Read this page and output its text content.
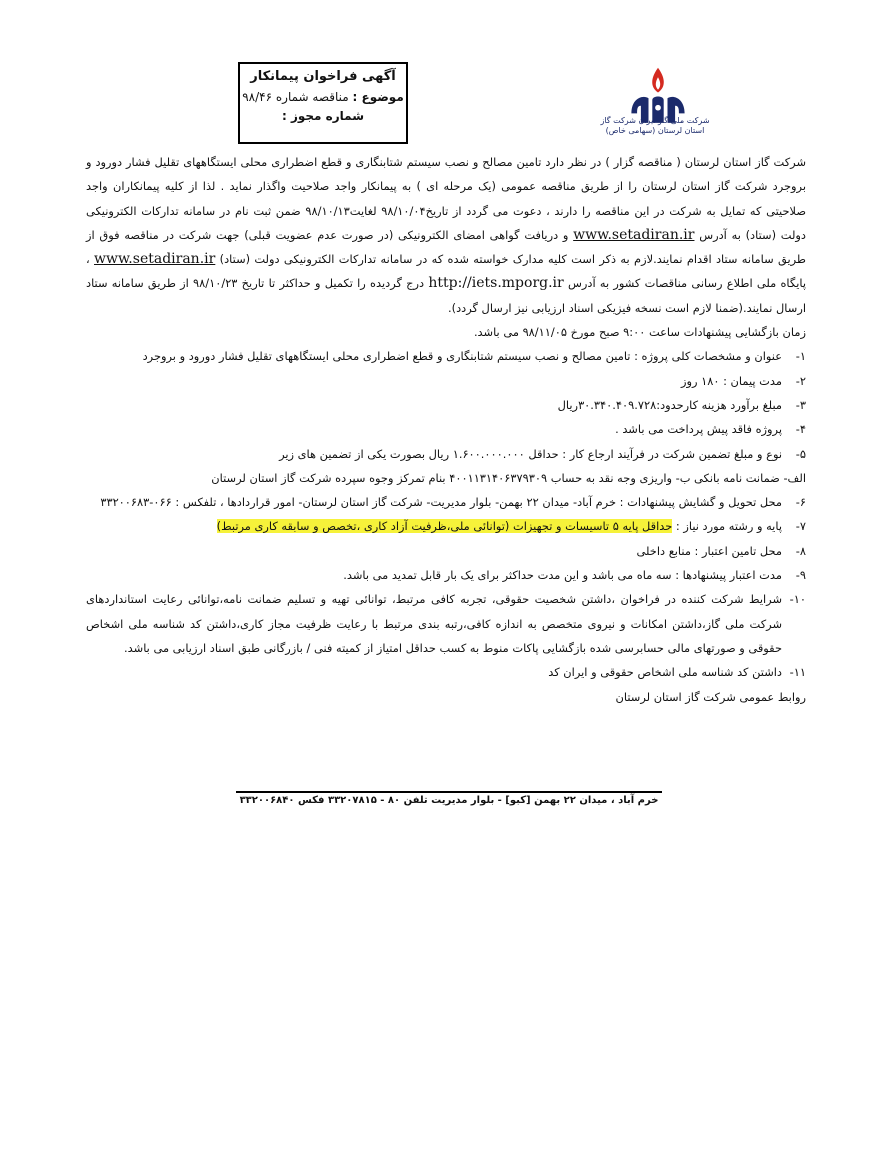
شرکت ملی گاز ایران شرکت گاز استان لرستان (سهامی خاص)
آگهی فراخوان پیمانکار
موضوع : مناقصه شماره ۹۸/۴۶
شماره مجوز :

شرکت گاز استان لرستان ( مناقصه گزار ) در نظر دارد تامین مصالح و نصب سیستم شتابنگاری و قطع اضطراری محلی ایستگاههای تقلیل فشار دورود و بروجرد شرکت گاز استان لرستان را از طریق مناقصه عمومی (یک مرحله ای ) به پیمانکار واجد صلاحیت واگذار نماید . لذا از کلیه پیمانکاران واجد صلاحیتی که تمایل به شرکت در این مناقصه را دارند ، دعوت می گردد از تاریخ۹۸/۱۰/۰۴ لغایت۹۸/۱۰/۱۳ ضمن ثبت نام در سامانه تدارکات الکترونیکی دولت (ستاد) به آدرس www.setadiran.ir و دریافت گواهی امضای الکترونیکی (در صورت عدم عضویت قبلی) جهت شرکت در مناقصه فوق از طریق سامانه ستاد اقدام نمایند.لازم به ذکر است کلیه مدارک خواسته شده که در سامانه تدارکات الکترونیکی دولت (ستاد) www.setadiran.ir ، پایگاه ملی اطلاع رسانی مناقصات کشور به آدرس http://iets.mporg.ir درج گردیده را تکمیل و حداکثر تا تاریخ ۹۸/۱۰/۲۳ از طریق سامانه ستاد ارسال نمایند.(ضمنا لازم است نسخه فیزیکی اسناد ارزیابی نیز ارسال گردد).

زمان بازگشایی پیشنهادات ساعت ۹:۰۰ صبح مورخ ۹۸/۱۱/۰۵ می باشد.

۱-
عنوان و مشخصات کلی پروژه : تامین مصالح و نصب سیستم شتابنگاری و قطع اضطراری محلی ایستگاههای تقلیل فشار دورود و بروجرد
۲-
مدت پیمان : ۱۸۰ روز
۳-
مبلغ برآورد هزینه کارحدود:۳۰.۳۴۰.۴۰۹.۷۲۸ریال
۴-
پروژه فاقد پیش پرداخت می باشد .
۵-
نوع و مبلغ تضمین شرکت در فرآیند ارجاع کار : حداقل ۱.۶۰۰.۰۰۰.۰۰۰ ریال بصورت یکی از تضمین های زیر
الف- ضمانت نامه بانکی ب- واریزی وجه نقد به حساب ۴۰۰۱۱۳۱۴۰۶۳۷۹۳۰۹ بنام تمرکز وجوه سپرده شرکت گاز استان لرستان
۶-
محل تحویل و گشایش پیشنهادات : خرم آباد- میدان ۲۲ بهمن- بلوار مدیریت- شرکت گاز استان لرستان- امور قراردادها ، تلفکس : ۰۶۶-۳۳۲۰۰۶۸۳
۷-
پایه و رشته مورد نیاز : حداقل پایه ۵ تاسیسات و تجهیزات (توانائی ملی،ظرفیت آزاد کاری ،تخصص و سابقه کاری مرتبط)
۸-
محل تامین اعتبار : منابع داخلی
۹-
مدت اعتبار پیشنهادها : سه ماه می باشد و این مدت حداکثر برای یک بار قابل تمدید می باشد.
۱۰-
شرایط شرکت کننده در فراخوان ،داشتن شخصیت حقوقی، تجربه کافی مرتبط، توانائی تهیه و تسلیم ضمانت نامه،توانائی رعایت استانداردهای شرکت ملی گاز،داشتن امکانات و نیروی متخصص به اندازه کافی،رتبه بندی مرتبط با رعایت ظرفیت مجاز کاری،داشتن کد شناسه ملی اشخاص حقوقی و صورتهای مالی حسابرسی شده بازگشایی پاکات منوط به کسب حداقل امتیاز از کمیته فنی / بازرگانی طبق اسناد ارزیابی می باشد.
۱۱-
داشتن کد شناسه ملی اشخاص حقوقی و ایران کد

روابط عمومی شرکت گاز استان لرستان

خرم آباد ، میدان ۲۲ بهمن [کبو] - بلوار مدیریت تلفن ۸۰ - ۳۳۲۰۷۸۱۵ فکس ۳۳۲۰۰۶۸۴۰
